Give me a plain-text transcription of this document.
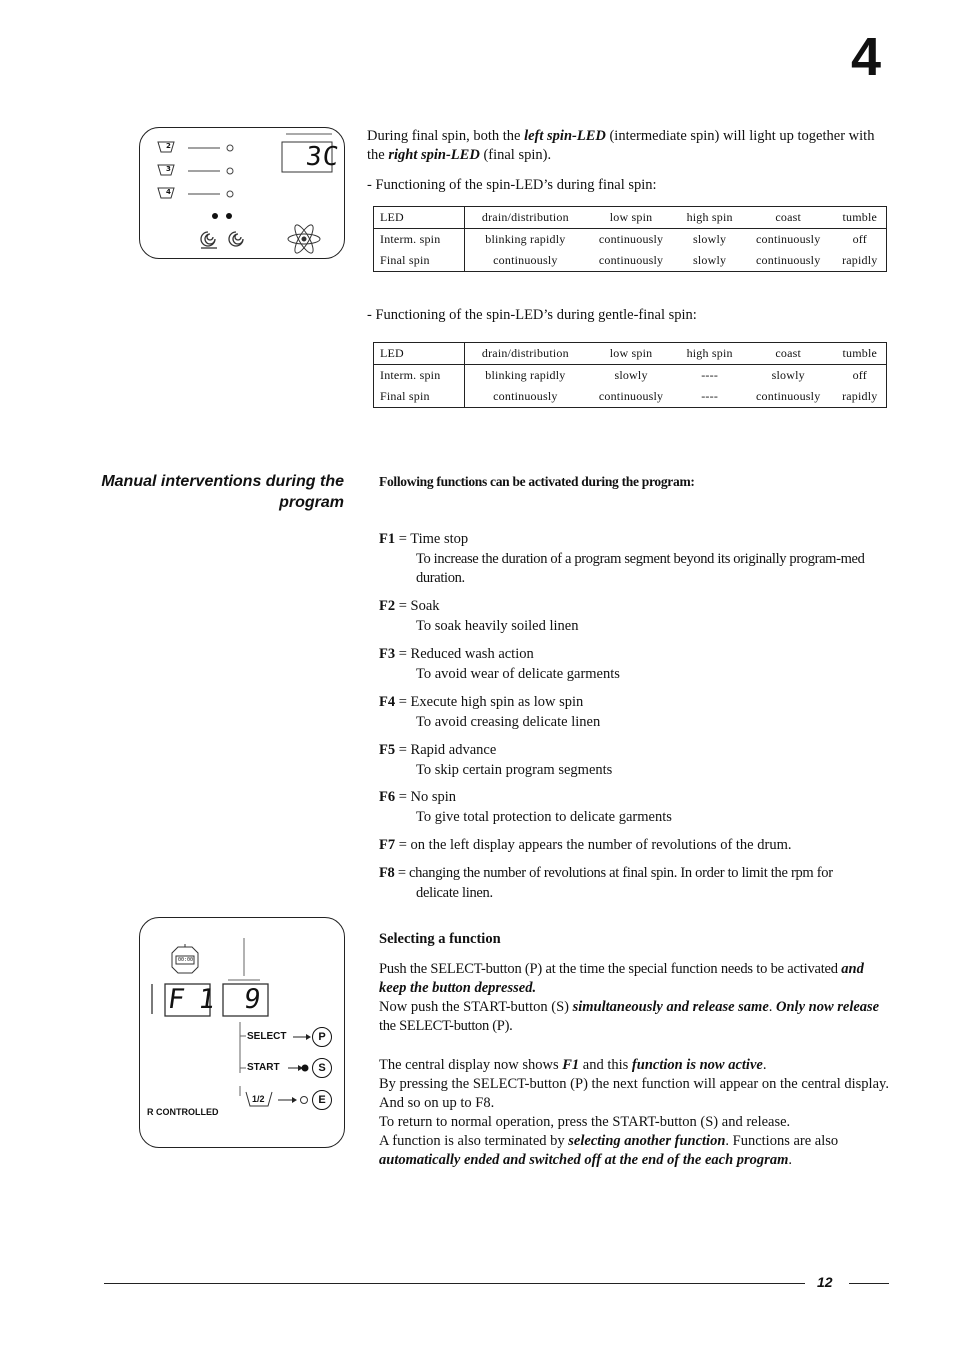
4
2
3
4
3C
During final spin, both the left spin-LED (intermediate spin) will light up together with the right spin-LED (final spin).
- Functioning of the spin-LED’s during final spin:
LED	drain/distribution	low spin	high spin	coast	tumble
Interm. spin	blinking rapidly	continuously	slowly	continuously	off
Final spin	continuously	continuously	slowly	continuously	rapidly
- Functioning of the spin-LED’s during gentle-final spin:
LED	drain/distribution	low spin	high spin	coast	tumble
Interm. spin	blinking rapidly	slowly	----	slowly	off
Final spin	continuously	continuously	----	continuously	rapidly
Manual interventions during the program
Following functions can be activated during the program:
F1 = Time stop
To increase the duration of a program segment beyond its originally program-med duration.
F2 = Soak
To soak heavily soiled linen
F3 = Reduced wash action
To avoid wear of delicate garments
F4 = Execute high spin as low spin
To avoid creasing delicate linen
F5 = Rapid advance
To skip certain program segments
F6 = No spin
To give total protection to delicate garments
F7 = on the left display appears the number of revolutions of the drum.
F8 = changing the number of revolutions at final spin. In order to limit the rpm for
delicate linen.
00:00
F 1 9
SELECT
START
1/2
P
S
E
R CONTROLLED
Selecting a function
Push the SELECT-button (P) at the time the special function needs to be activated and keep the button depressed.
Now push the START-button (S) simultaneously and release same. Only now release the SELECT-button (P).
The central display now shows F1 and this function is now active.
By pressing the SELECT-button (P) the next function will appear on the central display. And so on up to F8.
To return to normal operation, press the START-button (S) and release.
A function is also terminated by selecting another function. Functions are also automatically ended and switched off at the end of the each program.
12
